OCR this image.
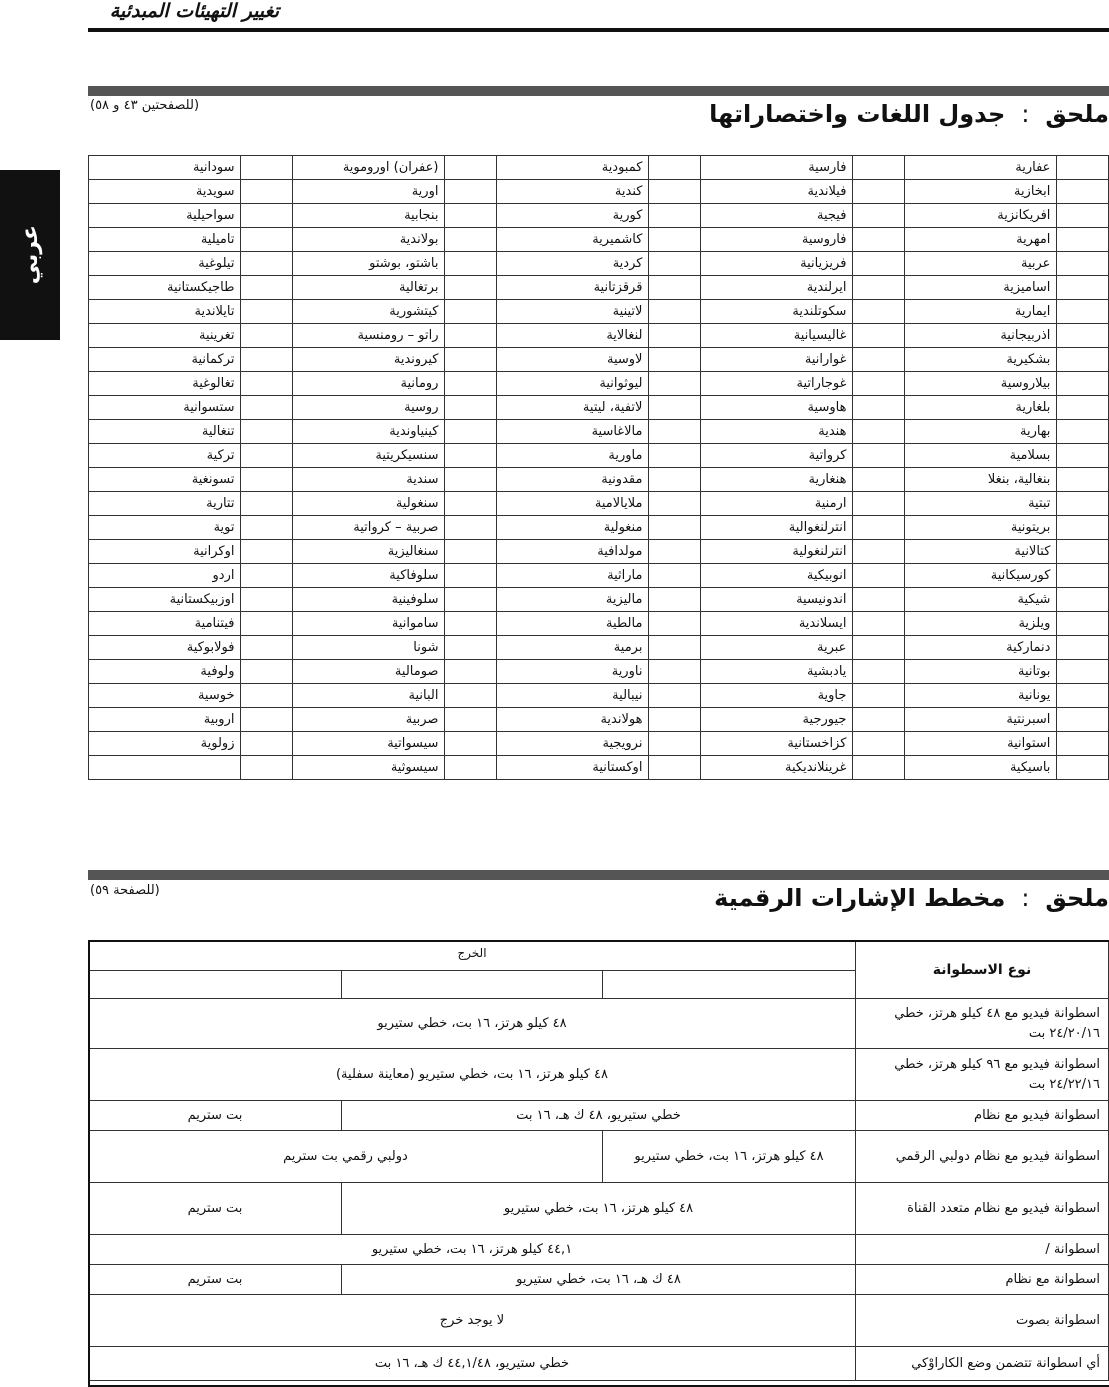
تغيير التهيئات المبدئية
عربي
ملحق:جدول اللغات واختصاراتها
(للصفحتين ٤٣ و ٥٨)
سودانية		(عفران) اوروموية		كمبودية		فارسية		عفارية	
سويدية		اورية		كندية		فيلاندية		ابخازية	
سواحيلية		بنجابية		كورية		فيجية		افريكانزية	
تاميلية		بولاندية		كاشميرية		فاروسية		امهرية	
تيلوغية		باشتو، بوشتو		كردية		فريزيانية		عربية	
طاجيكستانية		برتغالية		قرقزتانية		ايرلندية		اساميزية	
تايلاندية		كيتشورية		لاتينية		سكوتلندية		ايمارية	
تغرينية		راتو – رومنسية		لنغالاية		غاليسيانية		اذربيجانية	
تركمانية		كيروندية		لاوسية		غوارانية		بشكيرية	
تغالوغية		رومانية		ليوثوانية		غوجاراتية		بيلاروسية	
ستسوانية		روسية		لاتفية، ليتية		هاوسية		بلغارية	
تنغالية		كينياوندية		مالاغاسية		هندية		بهارية	
تركية		سنسيكريتية		ماورية		كرواتية		بسلامية	
تسونغية		سندية		مقدونية		هنغارية		بنغالية، بنغلا	
تتارية		سنغولية		ملايالامية		ارمنية		تبتية	
توية		صربية – كرواتية		منغولية		انترلنغوالية		بريتونية	
اوكرانية		سنغاليزية		مولدافية		انترلنغولية		كتالانية	
اردو		سلوفاكية		ماراثية		انوبيكية		كورسيكانية	
اوزبيكستانية		سلوفينية		ماليزية		اندونيسية		شيكية	
فيتنامية		ساموانية		مالطية		ايسلاندية		ويلزية	
فولابوكية		شونا		برمية		عبرية		دنماركية	
ولوفية		صومالية		ناورية		يادبشية		بوتانية	
خوسية		البانية		نيبالية		جاوية		يونانية	
اروبية		صربية		هولاندية		جيورجية		اسبرنتية	
زولوية		سيسواتية		نرويجية		كزاخستانية		استوانية	
		سيسوثية		اوكستانية		غرينلانديكية		باسيكية	
ملحق:مخطط الإشارات الرقمية
(للصفحة ٥٩)
الخرج			نوع الاسطوانة

٤٨ كيلو هرتز، ١٦ بت، خطي ستيريو			اسطوانة فيديو مع ٤٨ كيلو هرتز، خطي ٢٤/٢٠/١٦ بت
٤٨ كيلو هرتز، ١٦ بت، خطي ستيريو (معاينة سفلية)			اسطوانة فيديو مع ٩٦ كيلو هرتز، خطي ٢٤/٢٢/١٦ بت
بت ستريم	خطي ستيريو، ٤٨ ك هـ، ١٦ بت		اسطوانة فيديو مع نظام
دولبي رقمي بت ستريم		٤٨ كيلو هرتز، ١٦ بت، خطي ستيريو	اسطوانة فيديو مع نظام دولبي الرقمي
بت ستريم	٤٨ كيلو هرتز، ١٦ بت، خطي ستيريو		اسطوانة فيديو مع نظام متعدد القناة
٤٤,١ كيلو هرتز، ١٦ بت، خطي ستيريو			اسطوانة /
بت ستريم	٤٨ ك هـ، ١٦ بت، خطي ستيريو		اسطوانة مع نظام
لا يوجد خرج			اسطوانة بصوت
خطي ستيريو، ٤٤,١/٤٨ ك هـ، ١٦ بت			أي اسطوانة تتضمن وضع الكاراوْكي
